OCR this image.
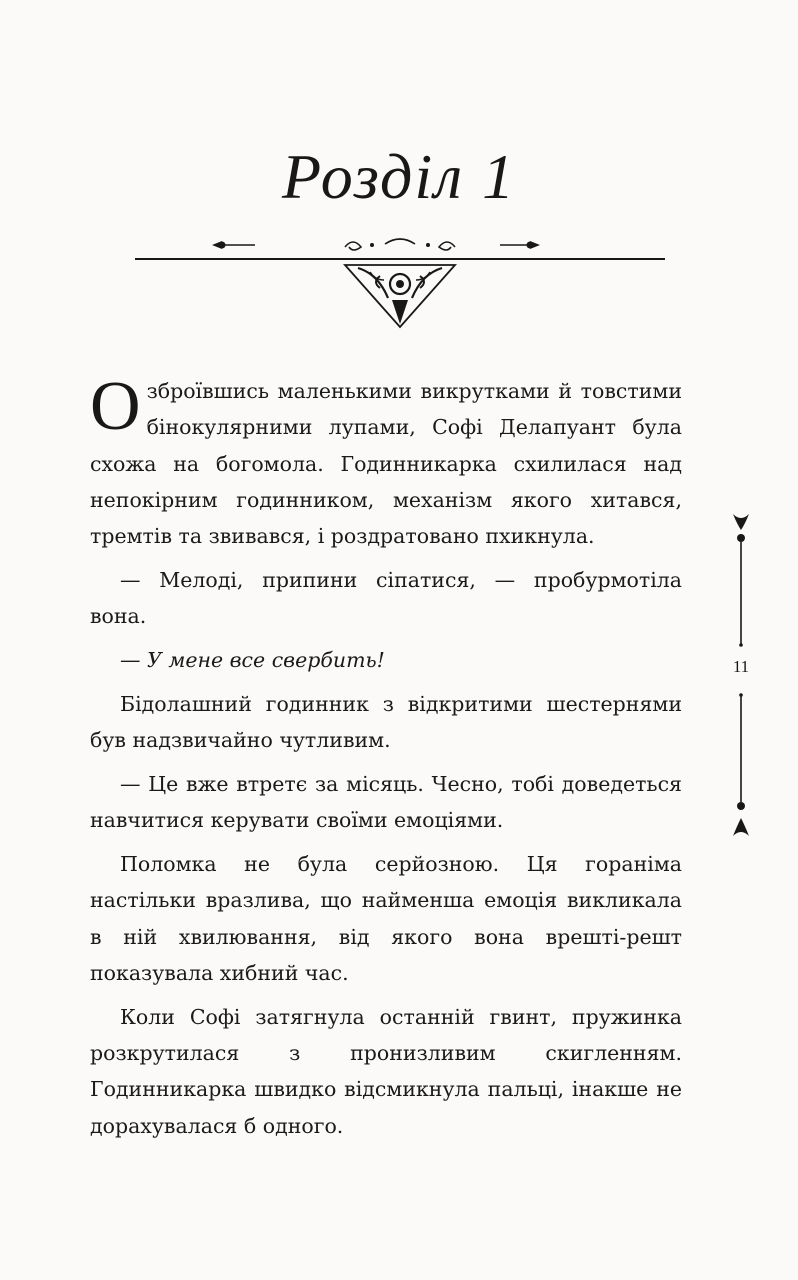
Розділ 1

Озброївшись маленькими викрутками й товстими бінокулярними лупами, Софі Делапуант була схожа на богомола. Годинникарка схилилася над непокірним годинником, механізм якого хитався, тремтів та звивався, і роздратовано пхикнула.

— Мелоді, припини сіпатися, — пробурмотіла вона.

— У мене все свербить!

Бідолашний годинник з відкритими шестернями був надзвичайно чутливим.

— Це вже втретє за місяць. Чесно, тобі доведеться навчитися керувати своїми емоціями.

Поломка не була серйозною. Ця гораніма настільки вразлива, що найменша емоція викликала в ній хвилювання, від якого вона врешті-решт показувала хибний час.

Коли Софі затягнула останній гвинт, пружинка розкрутилася з пронизливим скигленням. Годинникарка швидко відсмикнула пальці, інакше не дорахувалася б одного.

11
